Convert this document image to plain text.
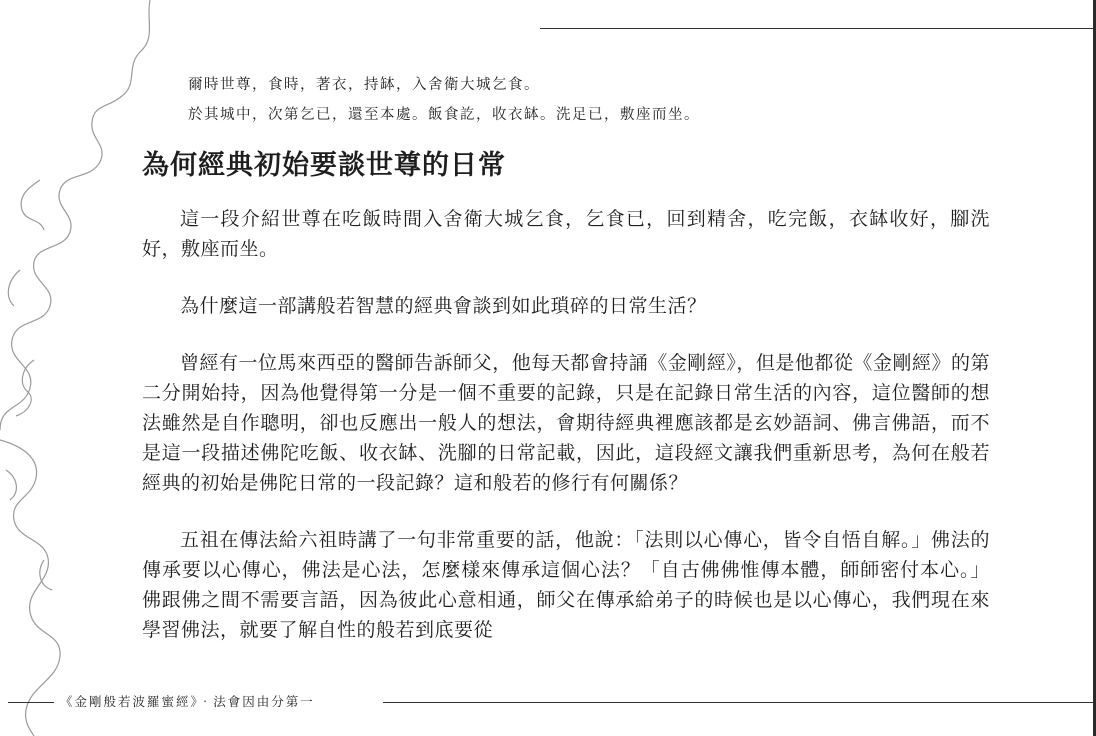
爾時世尊，食時，著衣，持缽，入舍衛大城乞食。

於其城中，次第乞已，還至本處。飯食訖，收衣缽。洗足已，敷座而坐。

為何經典初始要談世尊的日常

這一段介紹世尊在吃飯時間入舍衛大城乞食，乞食已，回到精舍，吃完飯，衣缽收好，腳洗好，敷座而坐。

為什麼這一部講般若智慧的經典會談到如此瑣碎的日常生活？

曾經有一位馬來西亞的醫師告訴師父，他每天都會持誦《金剛經》，但是他都從《金剛經》的第二分開始持，因為他覺得第一分是一個不重要的記錄，只是在記錄日常生活的內容，這位醫師的想法雖然是自作聰明，卻也反應出一般人的想法，會期待經典裡應該都是玄妙語詞、佛言佛語，而不是這一段描述佛陀吃飯、收衣缽、洗腳的日常記載，因此，這段經文讓我們重新思考，為何在般若經典的初始是佛陀日常的一段記錄？這和般若的修行有何關係？

五祖在傳法給六祖時講了一句非常重要的話，他說：「法則以心傳心，皆令自悟自解。」佛法的傳承要以心傳心，佛法是心法，怎麼樣來傳承這個心法？「自古佛佛惟傳本體，師師密付本心。」佛跟佛之間不需要言語，因為彼此心意相通，師父在傳承給弟子的時候也是以心傳心，我們現在來學習佛法，就要了解自性的般若到底要從

《金剛般若波羅蜜經》‧法會因由分第一
